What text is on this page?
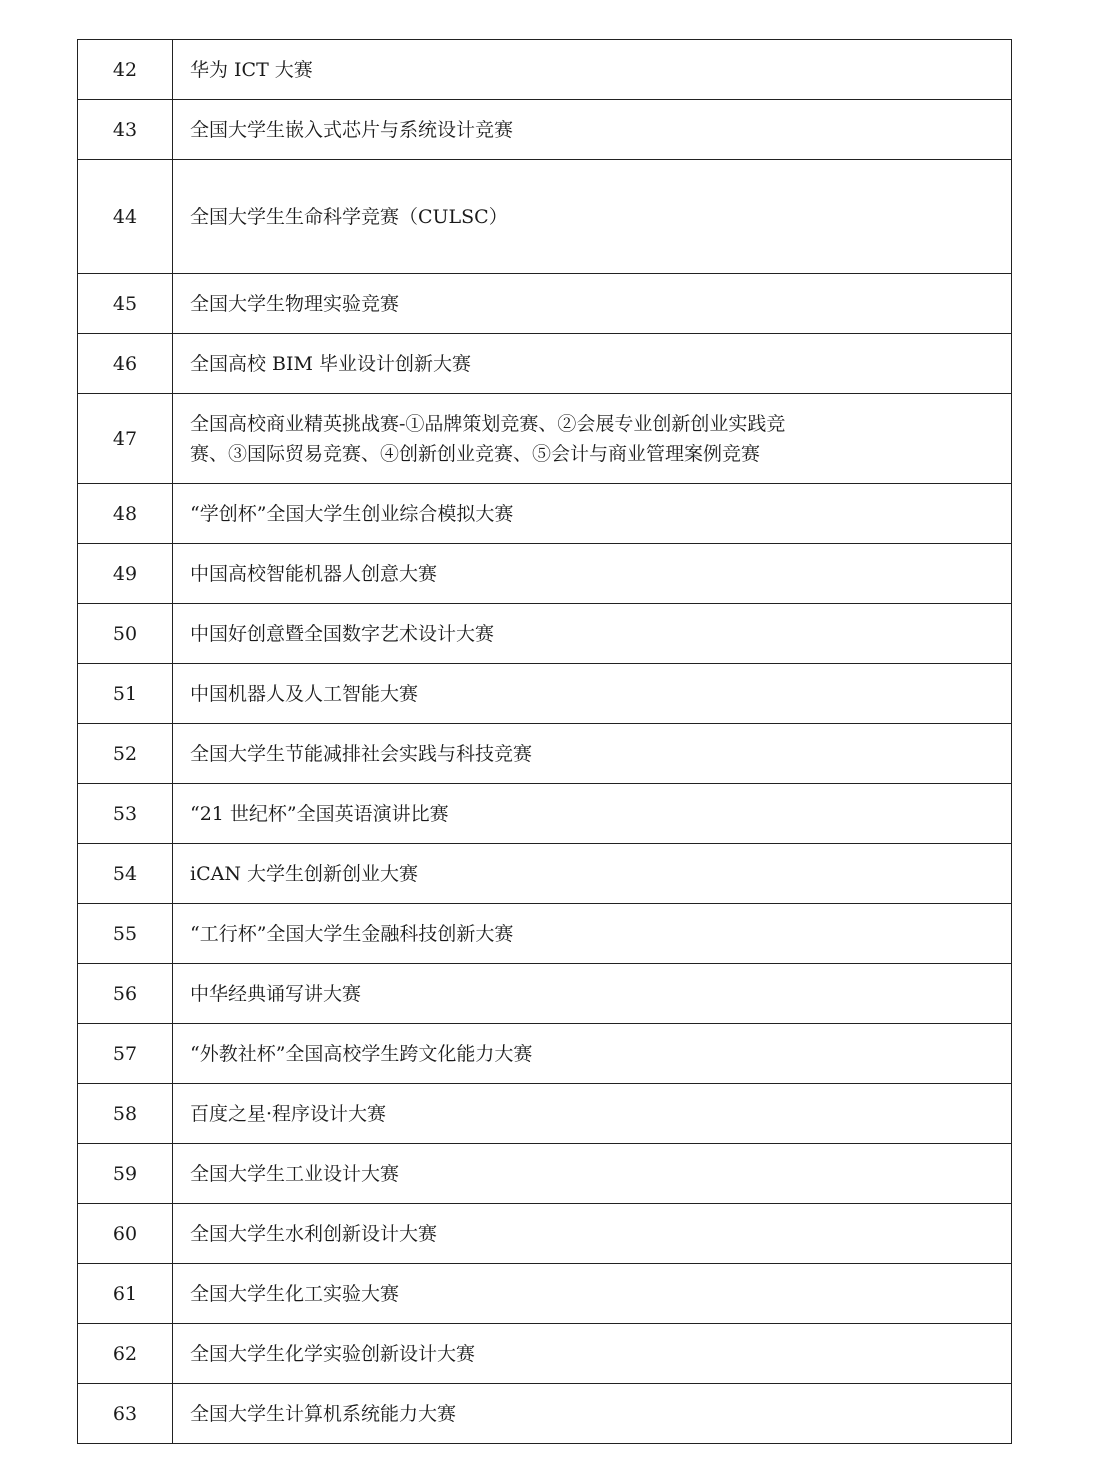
42	华为 ICT 大赛
43	全国大学生嵌入式芯片与系统设计竞赛
44	全国大学生生命科学竞赛（CULSC）
45	全国大学生物理实验竞赛
46	全国高校 BIM 毕业设计创新大赛
47	全国高校商业精英挑战赛-①品牌策划竞赛、②会展专业创新创业实践竞赛、③国际贸易竞赛、④创新创业竞赛、⑤会计与商业管理案例竞赛
48	“学创杯”全国大学生创业综合模拟大赛
49	中国高校智能机器人创意大赛
50	中国好创意暨全国数字艺术设计大赛
51	中国机器人及人工智能大赛
52	全国大学生节能减排社会实践与科技竞赛
53	“21 世纪杯”全国英语演讲比赛
54	iCAN 大学生创新创业大赛
55	“工行杯”全国大学生金融科技创新大赛
56	中华经典诵写讲大赛
57	“外教社杯”全国高校学生跨文化能力大赛
58	百度之星·程序设计大赛
59	全国大学生工业设计大赛
60	全国大学生水利创新设计大赛
61	全国大学生化工实验大赛
62	全国大学生化学实验创新设计大赛
63	全国大学生计算机系统能力大赛
